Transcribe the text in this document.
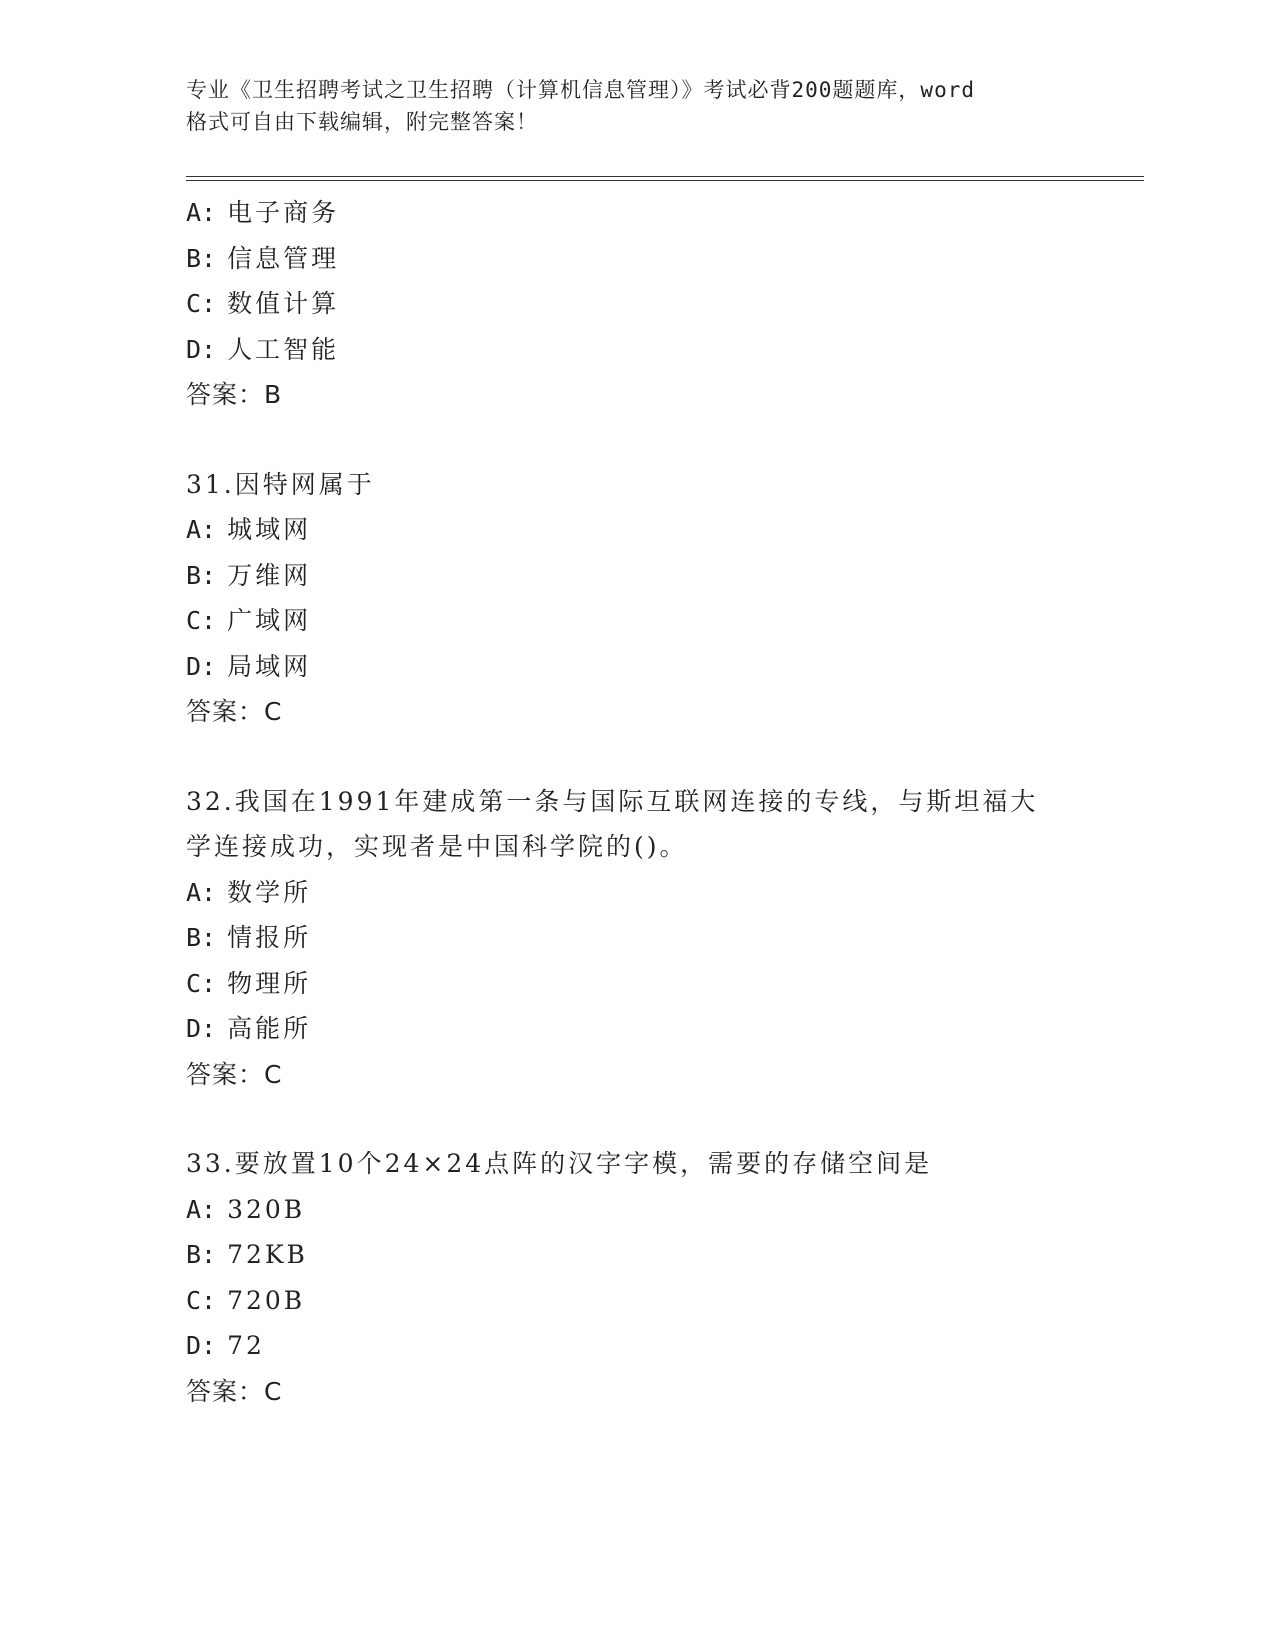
专业《卫生招聘考试之卫生招聘（计算机信息管理）》考试必背200题题库，word
格式可自由下载编辑，附完整答案！
A: 电子商务
B: 信息管理
C: 数值计算
D: 人工智能
答案：B
31.因特网属于
A: 城域网
B: 万维网
C: 广域网
D: 局域网
答案：C
32.我国在1991年建成第一条与国际互联网连接的专线，与斯坦福大
学连接成功，实现者是中国科学院的()。
A: 数学所
B: 情报所
C: 物理所
D: 高能所
答案：C
33.要放置10个24×24点阵的汉字字模，需要的存储空间是
A: 320B
B: 72KB
C: 720B
D: 72
答案：C
